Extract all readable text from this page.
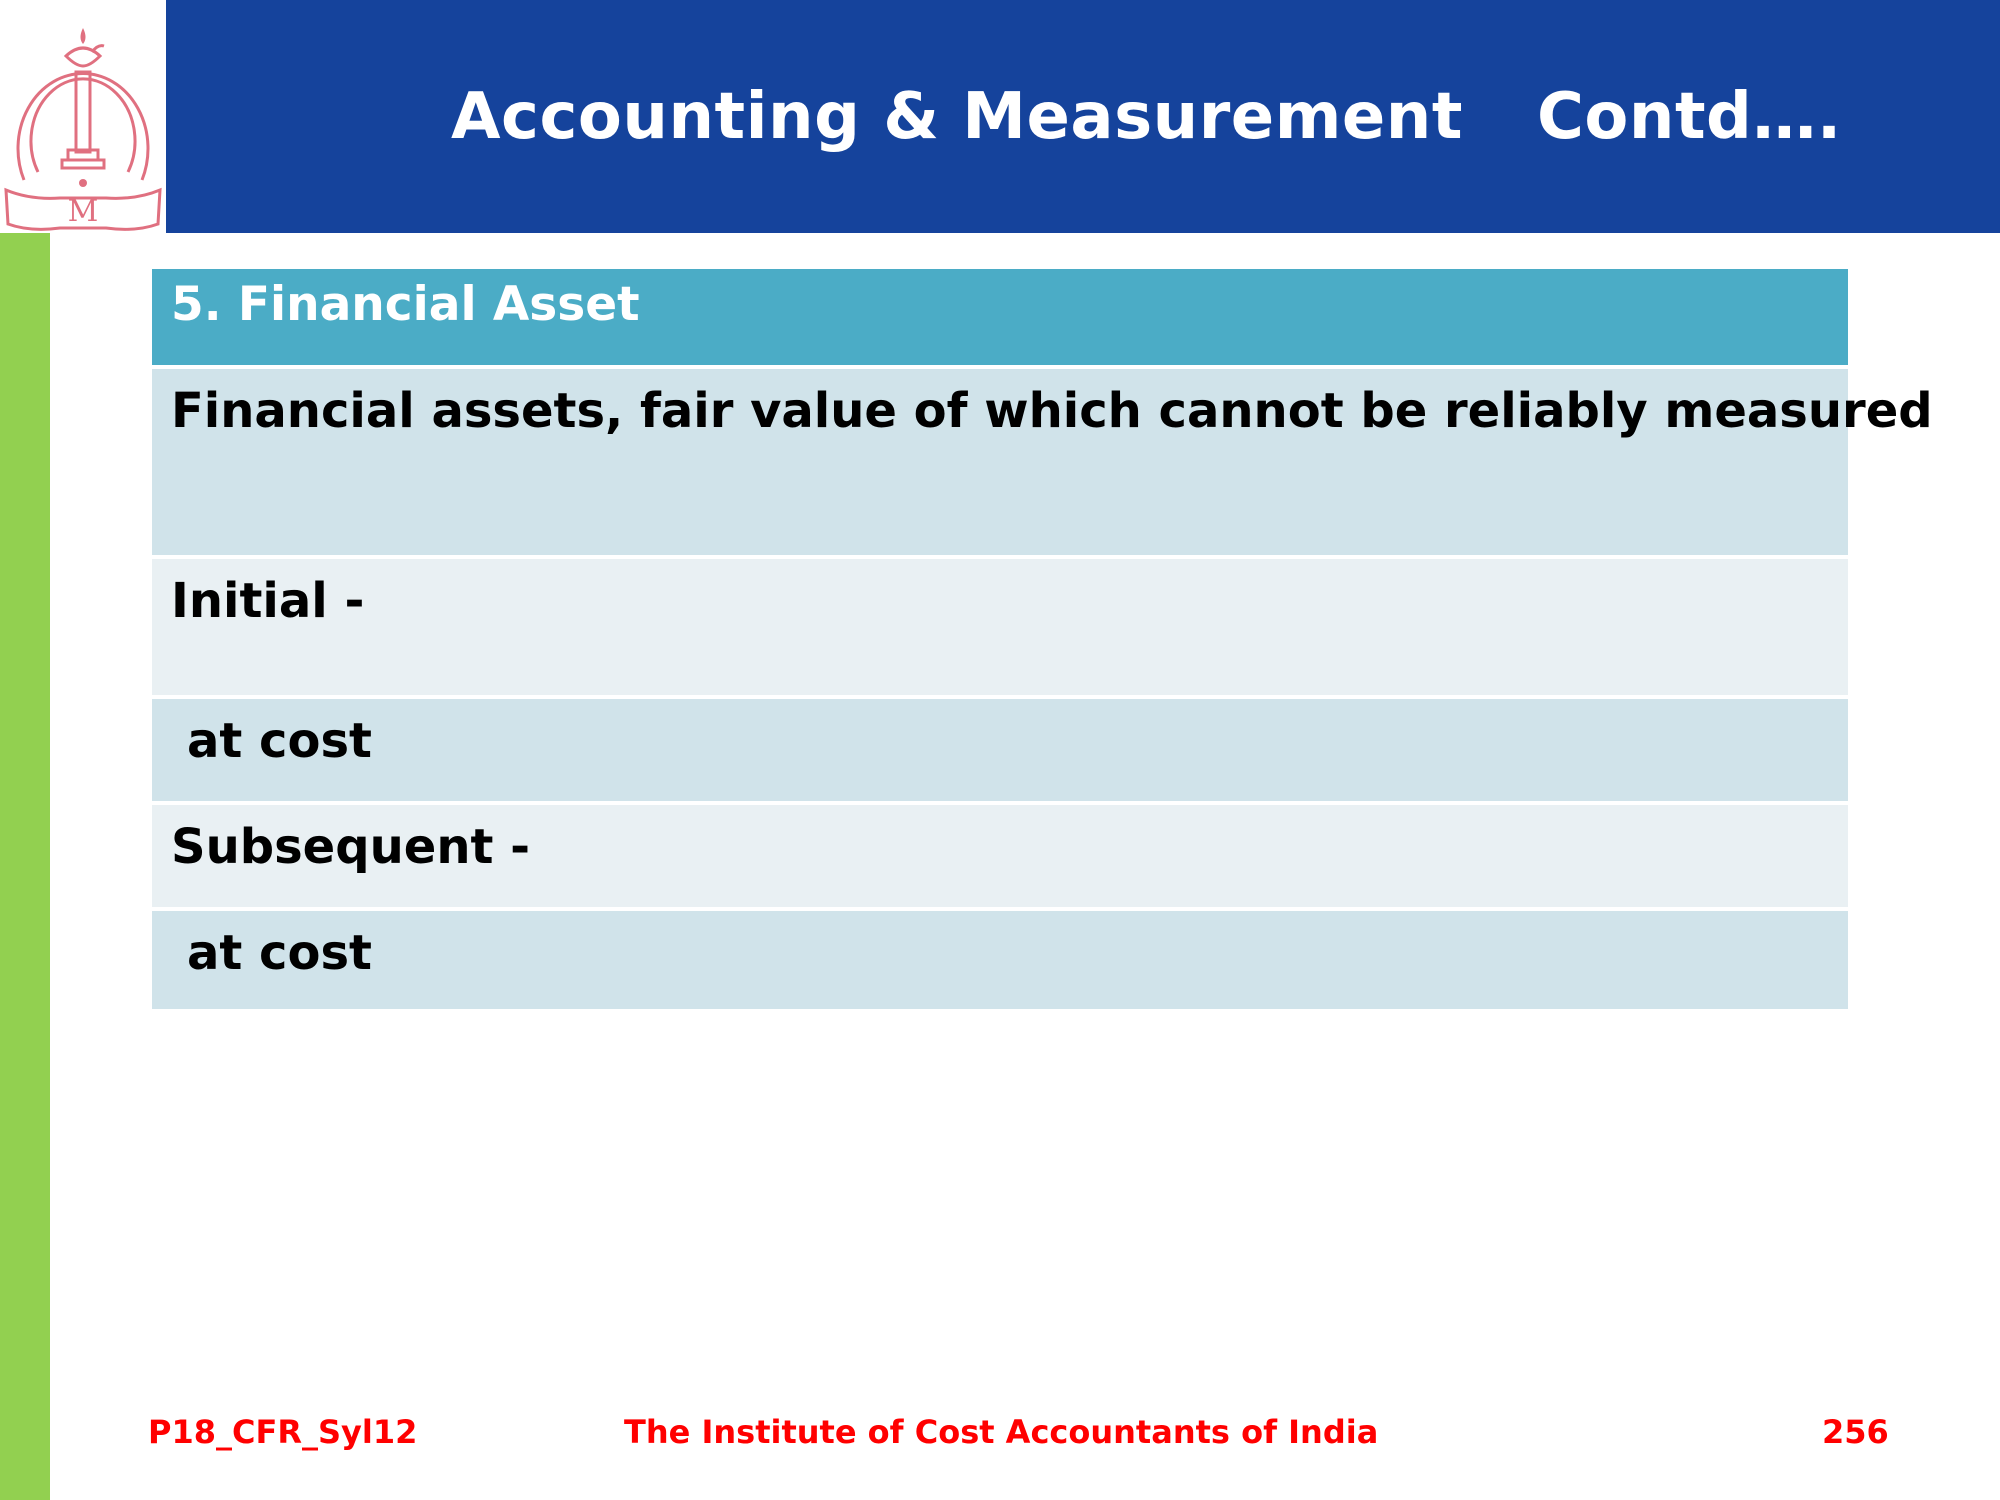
M
Accounting & Measurement Contd….
5. Financial Asset
Financial assets, fair value of which cannot be reliably measured
Initial -
at cost
Subsequent -
at cost
P18_CFR_Syl12	The Institute of Cost Accountants of India	256
